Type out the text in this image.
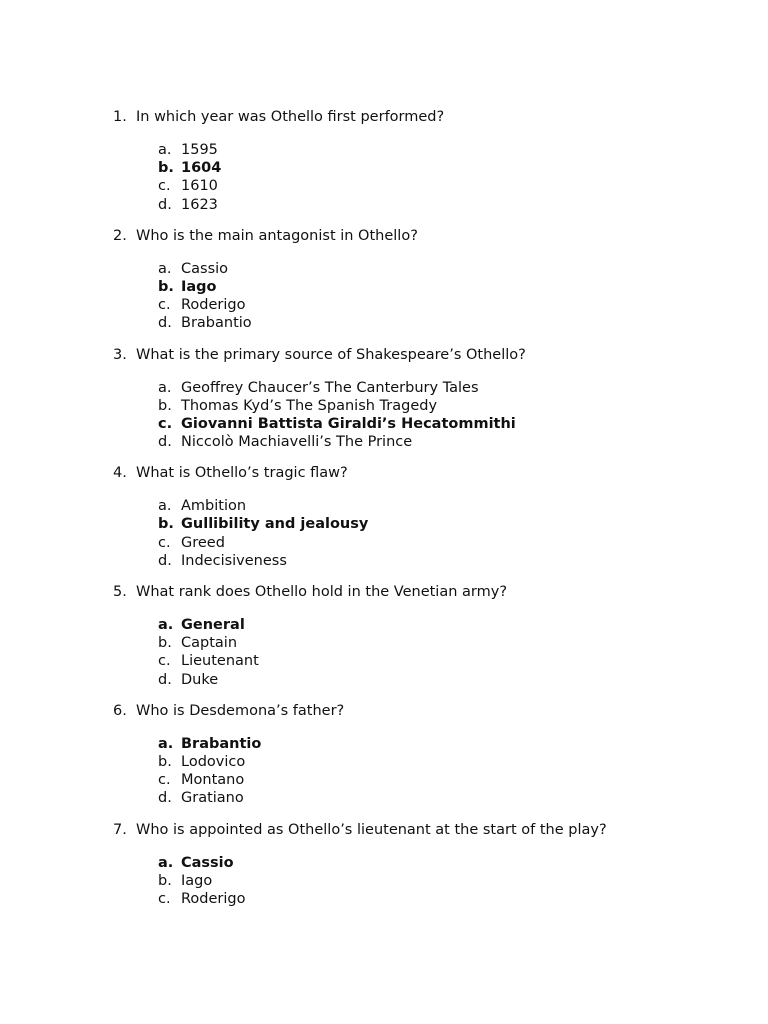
1. In which year was Othello first performed?
a. 1595
b. 1604
c. 1610
d. 1623
2. Who is the main antagonist in Othello?
a. Cassio
b. Iago
c. Roderigo
d. Brabantio
3. What is the primary source of Shakespeare’s Othello?
a. Geoffrey Chaucer’s The Canterbury Tales
b. Thomas Kyd’s The Spanish Tragedy
c. Giovanni Battista Giraldi’s Hecatommithi
d. Niccolò Machiavelli’s The Prince
4. What is Othello’s tragic flaw?
a. Ambition
b. Gullibility and jealousy
c. Greed
d. Indecisiveness
5. What rank does Othello hold in the Venetian army?
a. General
b. Captain
c. Lieutenant
d. Duke
6. Who is Desdemona’s father?
a. Brabantio
b. Lodovico
c. Montano
d. Gratiano
7. Who is appointed as Othello’s lieutenant at the start of the play?
a. Cassio
b. Iago
c. Roderigo
